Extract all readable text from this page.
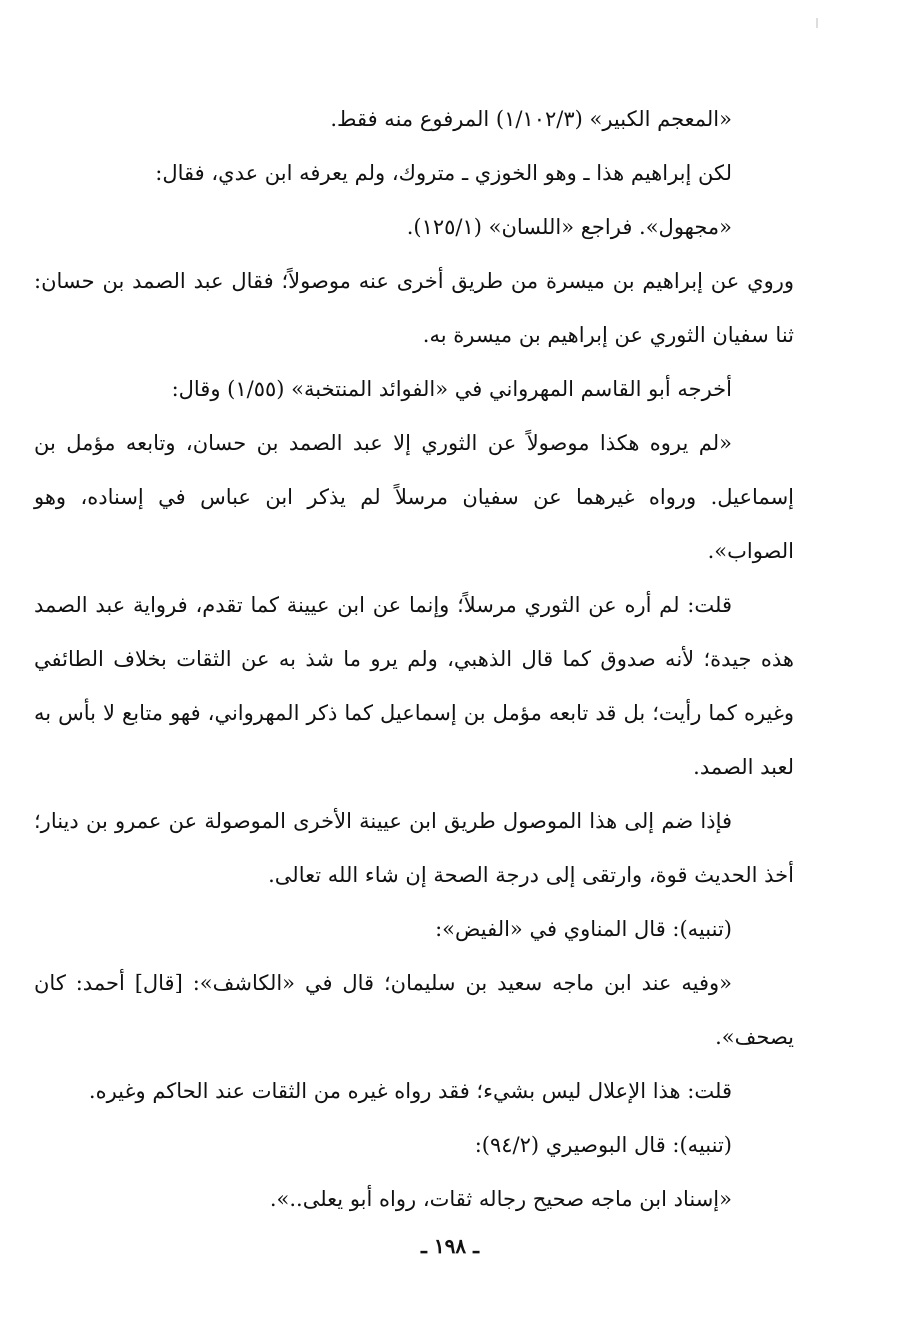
«المعجم الكبير» (١/١٠٢/٣) المرفوع منه فقط.

لكن إبراهيم هذا ـ وهو الخوزي ـ متروك، ولم يعرفه ابن عدي، فقال:

«مجهول». فراجع «اللسان» (١٢٥/١).

وروي عن إبراهيم بن ميسرة من طريق أخرى عنه موصولاً؛ فقال عبد الصمد بن حسان: ثنا سفيان الثوري عن إبراهيم بن ميسرة به.

أخرجه أبو القاسم المهرواني في «الفوائد المنتخبة» (١/٥٥) وقال:

«لم يروه هكذا موصولاً عن الثوري إلا عبد الصمد بن حسان، وتابعه مؤمل بن إسماعيل. ورواه غيرهما عن سفيان مرسلاً لم يذكر ابن عباس في إسناده، وهو الصواب».

قلت: لم أره عن الثوري مرسلاً؛ وإنما عن ابن عيينة كما تقدم، فرواية عبد الصمد هذه جيدة؛ لأنه صدوق كما قال الذهبي، ولم يرو ما شذ به عن الثقات بخلاف الطائفي وغيره كما رأيت؛ بل قد تابعه مؤمل بن إسماعيل كما ذكر المهرواني، فهو متابع لا بأس به لعبد الصمد.

فإذا ضم إلى هذا الموصول طريق ابن عيينة الأخرى الموصولة عن عمرو بن دينار؛ أخذ الحديث قوة، وارتقى إلى درجة الصحة إن شاء الله تعالى.

(تنبيه): قال المناوي في «الفيض»:

«وفيه عند ابن ماجه سعيد بن سليمان؛ قال في «الكاشف»: [قال] أحمد: كان يصحف».

قلت: هذا الإعلال ليس بشيء؛ فقد رواه غيره من الثقات عند الحاكم وغيره.

(تنبيه): قال البوصيري (٩٤/٢):

«إسناد ابن ماجه صحيح رجاله ثقات، رواه أبو يعلى..».

ـ ١٩٨ ـ
